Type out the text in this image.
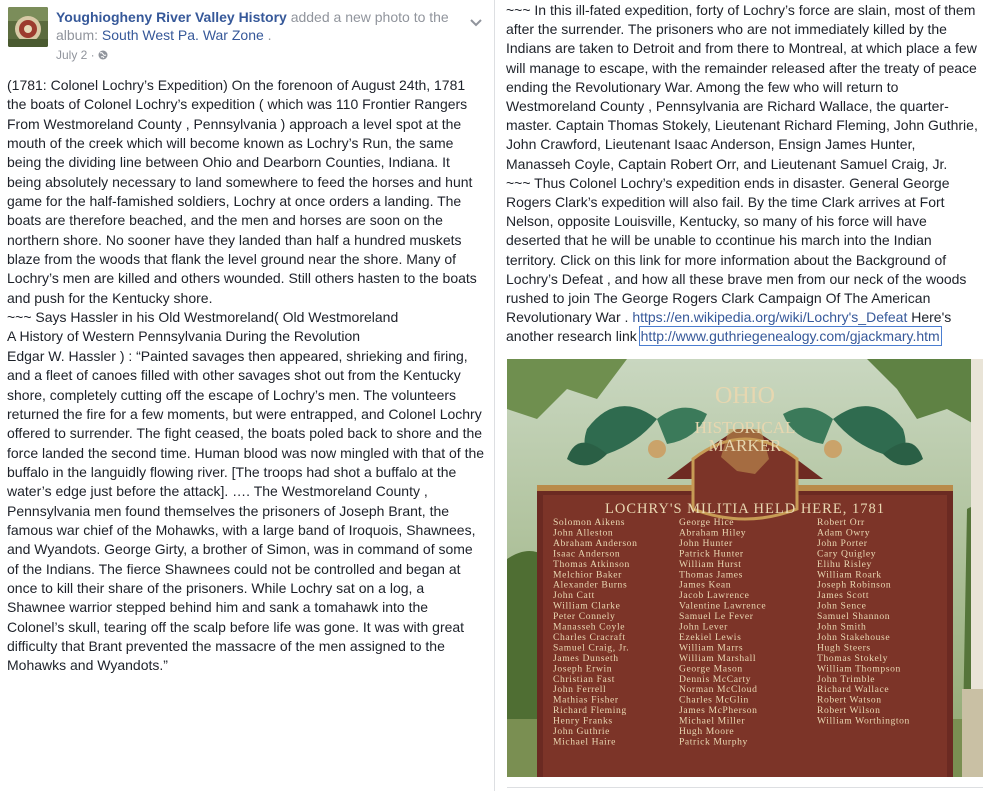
Youghiogheny River Valley History added a new photo to the album: South West Pa. War Zone .
July 2 ·

(1781: Colonel Lochry’s Expedition) On the forenoon of August 24th, 1781 the boats of Colonel Lochry’s expedition ( which was 110 Frontier Rangers From Westmoreland County , Pennsylvania ) approach a level spot at the mouth of the creek which will become known as Lochry’s Run, the same being the dividing line between Ohio and Dearborn Counties, Indiana. It being absolutely necessary to land somewhere to feed the horses and hunt game for the half-famished soldiers, Lochry at once orders a landing. The boats are therefore beached, and the men and horses are soon on the northern shore. No sooner have they landed than half a hundred muskets blaze from the woods that flank the level ground near the shore. Many of Lochry’s men are killed and others wounded. Still others hasten to the boats and push for the Kentucky shore.
~~~ Says Hassler in his Old Westmoreland( Old Westmoreland
A History of Western Pennsylvania During the Revolution
Edgar W. Hassler ) : “Painted savages then appeared, shrieking and firing, and a fleet of canoes filled with other savages shot out from the Kentucky shore, completely cutting off the escape of Lochry’s men. The volunteers returned the fire for a few moments, but were entrapped, and Colonel Lochry offered to surrender. The fight ceased, the boats poled back to shore and the force landed the second time. Human blood was now mingled with that of the buffalo in the languidly flowing river. [The troops had shot a buffalo at the water’s edge just before the attack]. …. The Westmoreland County , Pennsylvania men found themselves the prisoners of Joseph Brant, the famous war chief of the Mohawks, with a large band of Iroquois, Shawnees, and Wyandots. George Girty, a brother of Simon, was in command of some of the Indians. The fierce Shawnees could not be controlled and began at once to kill their share of the prisoners. While Lochry sat on a log, a Shawnee warrior stepped behind him and sank a tomahawk into the Colonel’s skull, tearing off the scalp before life was gone. It was with great difficulty that Brant prevented the massacre of the men assigned to the Mohawks and Wyandots.”

~~~ In this ill-fated expedition, forty of Lochry’s force are slain, most of them after the surrender. The prisoners who are not immediately killed by the Indians are taken to Detroit and from there to Montreal, at which place a few will manage to escape, with the remainder released after the treaty of peace ending the Revolutionary War. Among the few who will return to Westmoreland County , Pennsylvania are Richard Wallace, the quarter-master. Captain Thomas Stokely, Lieutenant Richard Fleming, John Guthrie, John Crawford, Lieutenant Isaac Anderson, Ensign James Hunter, Manasseh Coyle, Captain Robert Orr, and Lieutenant Samuel Craig, Jr.
~~~ Thus Colonel Lochry’s expedition ends in disaster. General George Rogers Clark’s expedition will also fail. By the time Clark arrives at Fort Nelson, opposite Louisville, Kentucky, so many of his force will have deserted that he will be unable to ccontinue his march into the Indian territory. Click on this link for more information about the Background of Lochry’s Defeat , and how all these brave men from our neck of the woods rushed to join The George Rogers Clark Campaign Of The American Revolutionary War . https://en.wikipedia.org/wiki/Lochry's_Defeat Here's another research link http://www.guthriegenealogy.com/gjackmary.htm

OHIO
HISTORICAL
MARKER
LOCHRY'S MILITIA HELD HERE, 1781
Solomon Aikens
John Alleston
Abraham Anderson
Isaac Anderson
Thomas Atkinson
Melchior Baker
Alexander Burns
John Catt
William Clarke
Peter Connely
Manasseh Coyle
Charles Cracraft
Samuel Craig, Jr.
James Dunseth
Joseph Erwin
Christian Fast
John Ferrell
Mathias Fisher
Richard Fleming
Henry Franks
John Guthrie
Michael Haire
George Hice
Abraham Hiley
John Hunter
Patrick Hunter
William Hurst
Thomas James
James Kean
Jacob Lawrence
Valentine Lawrence
Samuel Le Fever
John Lever
Ezekiel Lewis
William Marrs
William Marshall
George Mason
Dennis McCarty
Norman McCloud
Charles McGlin
James McPherson
Michael Miller
Hugh Moore
Patrick Murphy
Robert Orr
Adam Owry
John Porter
Cary Quigley
Elihu Risley
William Roark
Joseph Robinson
James Scott
John Sence
Samuel Shannon
John Smith
John Stakehouse
Hugh Steers
Thomas Stokely
William Thompson
John Trimble
Richard Wallace
Robert Watson
Robert Wilson
William Worthington
